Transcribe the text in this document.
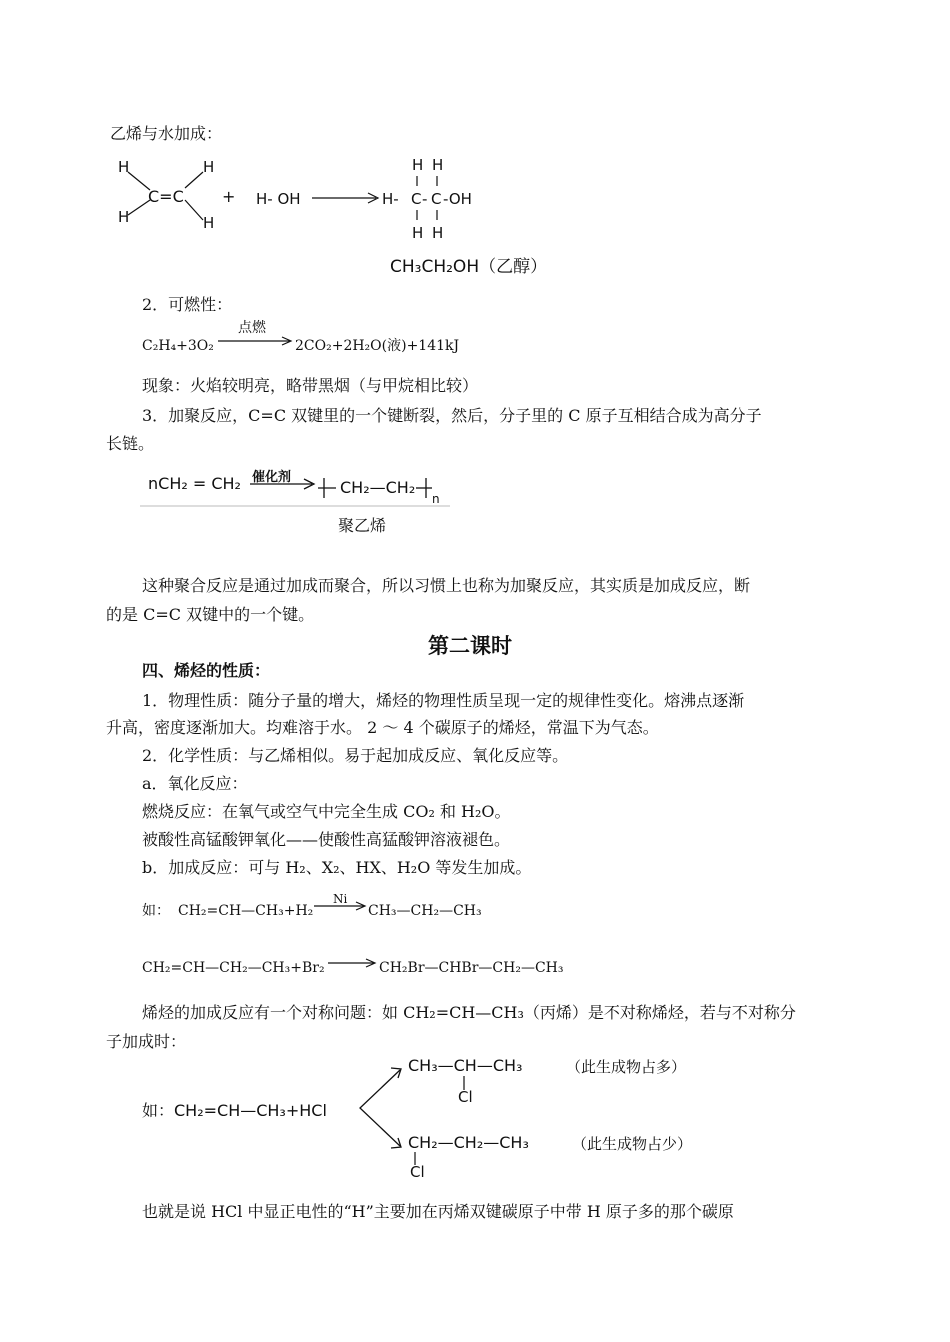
乙烯与水加成：
H
H
H
H
C=C + H- OH
H H
H- C - C -OH
H H
CH₃CH₂OH（乙醇）
2．可燃性：
C₂H₄+3O₂
点燃
2CO₂+2H₂O(液)+141kJ
现象：火焰较明亮，略带黑烟（与甲烷相比较）
3．加聚反应，C=C 双键里的一个键断裂，然后，分子里的 C 原子互相结合成为高分子
长链。
nCH₂ = CH₂ 催化剂
CH₂—CH₂
n
聚乙烯
这种聚合反应是通过加成而聚合，所以习惯上也称为加聚反应，其实质是加成反应，断
的是 C=C 双键中的一个键。
第二课时
四、烯烃的性质：
1．物理性质：随分子量的增大，烯烃的物理性质呈现一定的规律性变化。熔沸点逐渐
升高，密度逐渐加大。均难溶于水。 2 ～ 4 个碳原子的烯烃，常温下为气态。
2．化学性质：与乙烯相似。易于起加成反应、氧化反应等。
a．氧化反应：
燃烧反应：在氧气或空气中完全生成 CO₂ 和 H₂O。
被酸性高锰酸钾氧化——使酸性高猛酸钾溶液褪色。
b．加成反应：可与 H₂、X₂、HX、H₂O 等发生加成。
如： CH₂=CH—CH₃+H₂
Ni
CH₃—CH₂—CH₃
CH₂=CH—CH₂—CH₃+Br₂	CH₂Br—CHBr—CH₂—CH₃
烯烃的加成反应有一个对称问题：如 CH₂=CH—CH₃（丙烯）是不对称烯烃，若与不对称分
子加成时：
如：CH₂=CH—CH₃+HCl
CH₃—CH—CH₃
Cl
（此生成物占多）
CH₂—CH₂—CH₃
Cl
（此生成物占少）
也就是说 HCl 中显正电性的“H”主要加在丙烯双键碳原子中带 H 原子多的那个碳原
